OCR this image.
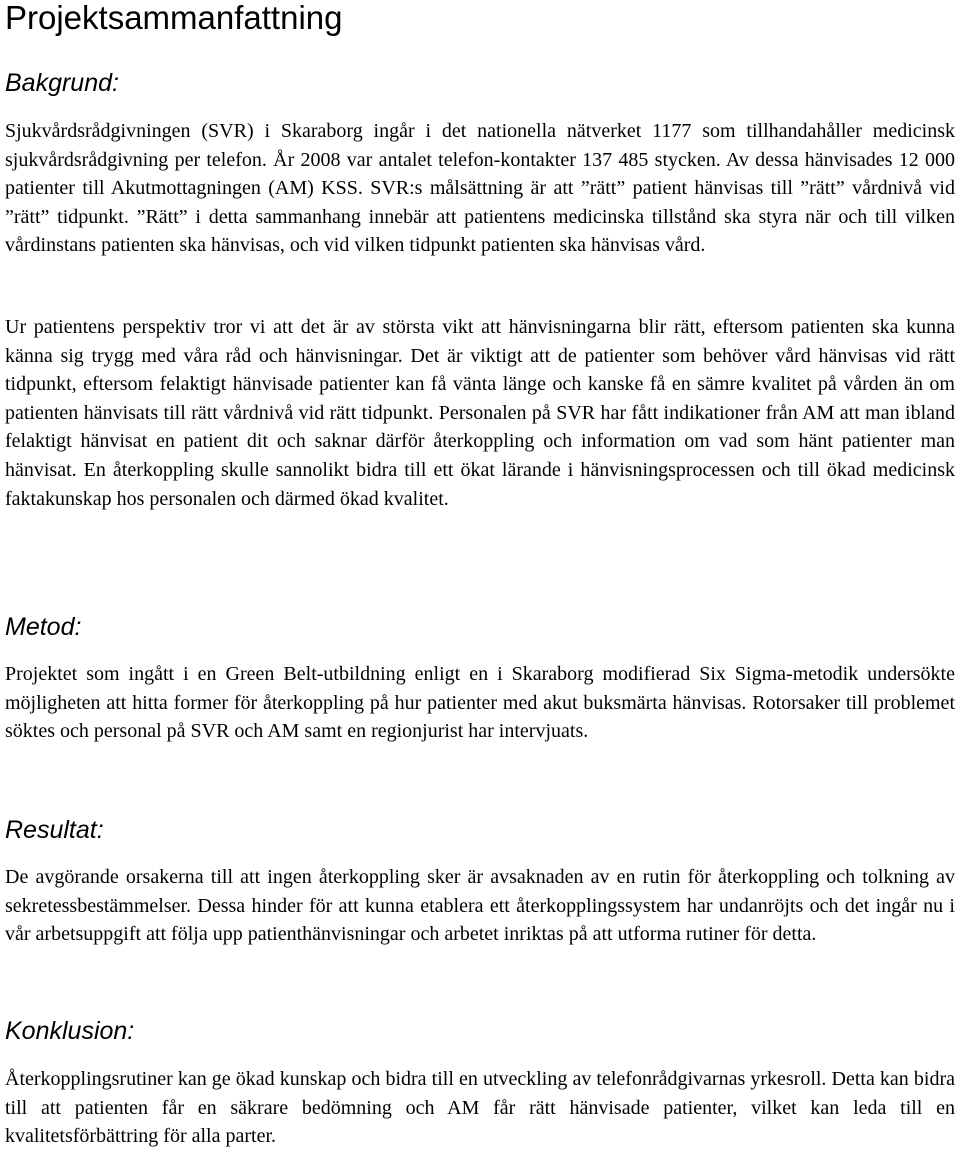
Projektsammanfattning
Bakgrund:

Sjukvårdsrådgivningen (SVR) i Skaraborg ingår i det nationella nätverket 1177 som tillhandahåller medicinsk sjukvårdsrådgivning per telefon. År 2008 var antalet telefon-kontakter 137 485 stycken. Av dessa hänvisades 12 000 patienter till Akutmottagningen (AM) KSS. SVR:s målsättning är att ”rätt” patient hänvisas till ”rätt” vårdnivå vid ”rätt” tidpunkt. ”Rätt” i detta sammanhang innebär att patientens medicinska tillstånd ska styra när och till vilken vårdinstans patienten ska hänvisas, och vid vilken tidpunkt patienten ska hänvisas vård.

Ur patientens perspektiv tror vi att det är av största vikt att hänvisningarna blir rätt, eftersom patienten ska kunna känna sig trygg med våra råd och hänvisningar. Det är viktigt att de patienter som behöver vård hänvisas vid rätt tidpunkt, eftersom felaktigt hänvisade patienter kan få vänta länge och kanske få en sämre kvalitet på vården än om patienten hänvisats till rätt vårdnivå vid rätt tidpunkt. Personalen på SVR har fått indikationer från AM att man ibland felaktigt hänvisat en patient dit och saknar därför återkoppling och information om vad som hänt patienter man hänvisat. En återkoppling skulle sannolikt bidra till ett ökat lärande i hänvisningsprocessen och till ökad medicinsk faktakunskap hos personalen och därmed ökad kvalitet.

Metod:

Projektet som ingått i en Green Belt-utbildning enligt en i Skaraborg modifierad Six Sigma-metodik undersökte möjligheten att hitta former för återkoppling på hur patienter med akut buksmärta hänvisas. Rotorsaker till problemet söktes och personal på SVR och AM samt en regionjurist har intervjuats.

Resultat:

De avgörande orsakerna till att ingen återkoppling sker är avsaknaden av en rutin för återkoppling och tolkning av sekretessbestämmelser. Dessa hinder för att kunna etablera ett återkopplingssystem har undanröjts och det ingår nu i vår arbetsuppgift att följa upp patienthänvisningar och arbetet inriktas på att utforma rutiner för detta.

Konklusion:

Återkopplingsrutiner kan ge ökad kunskap och bidra till en utveckling av telefonrådgivarnas yrkesroll. Detta kan bidra till att patienten får en säkrare bedömning och AM får rätt hänvisade patienter, vilket kan leda till en kvalitetsförbättring för alla parter.
